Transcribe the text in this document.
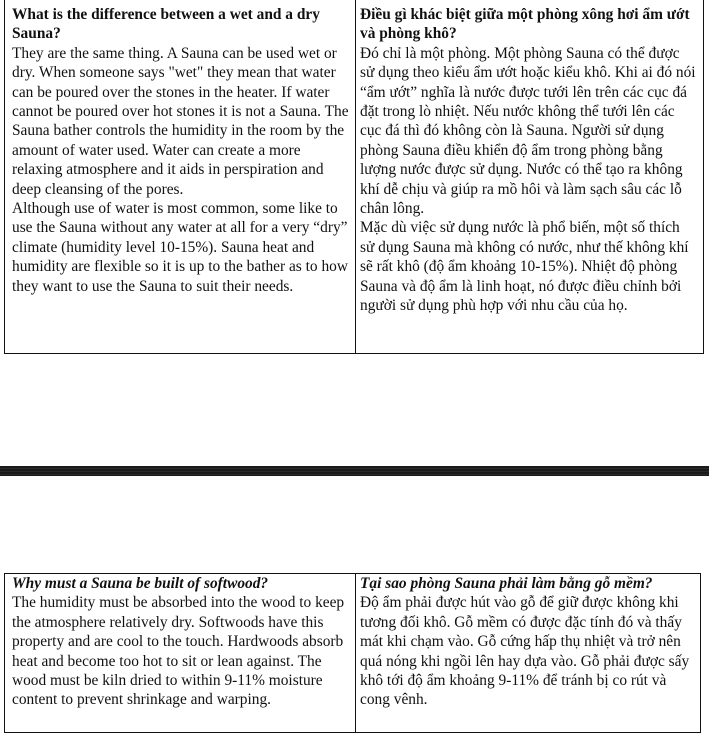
What is the difference between a wet and a dry Sauna?
They are the same thing. A Sauna can be used wet or dry. When someone says "wet" they mean that water can be poured over the stones in the heater. If water cannot be poured over hot stones it is not a Sauna. The Sauna bather controls the humidity in the room by the amount of water used. Water can create a more relaxing atmosphere and it aids in perspiration and deep cleansing of the pores.
Although use of water is most common, some like to use the Sauna without any water at all for a very “dry” climate (humidity level 10-15%). Sauna heat and humidity are flexible so it is up to the bather as to how they want to use the Sauna to suit their needs.
Điều gì khác biệt giữa một phòng xông hơi ẩm ướt và phòng khô?
Đó chỉ là một phòng. Một phòng Sauna có thể được sử dụng theo kiểu ẩm ướt hoặc kiểu khô. Khi ai đó nói “ẩm ướt” nghĩa là nước được tưới lên trên các cục đá đặt trong lò nhiệt. Nếu nước không thể tưới lên các cục đá thì đó không còn là Sauna. Người sử dụng phòng Sauna điều khiển độ ẩm trong phòng bằng lượng nước được sử dụng. Nước có thể tạo ra không khí dễ chịu và giúp ra mồ hôi và làm sạch sâu các lỗ chân lông.
Mặc dù việc sử dụng nước là phổ biến, một số thích sử dụng Sauna mà không có nước, như thế không khí sẽ rất khô (độ ẩm khoảng 10-15%). Nhiệt độ phòng Sauna và độ ẩm là linh hoạt, nó được điều chỉnh bởi người sử dụng phù hợp với nhu cầu của họ.
Why must a Sauna be built of softwood?
The humidity must be absorbed into the wood to keep the atmosphere relatively dry. Softwoods have this property and are cool to the touch. Hardwoods absorb heat and become too hot to sit or lean against. The wood must be kiln dried to within 9-11% moisture content to prevent shrinkage and warping.
Tại sao phòng Sauna phải làm bằng gỗ mềm?
Độ ẩm phải được hút vào gỗ để giữ được không khi tương đối khô. Gỗ mềm có được đặc tính đó và thấy mát khi chạm vào. Gỗ cứng hấp thụ nhiệt và trở nên quá nóng khi ngồi lên hay dựa vào. Gỗ phải được sấy khô tới độ ẩm khoảng 9-11% để tránh bị co rút và cong vênh.
